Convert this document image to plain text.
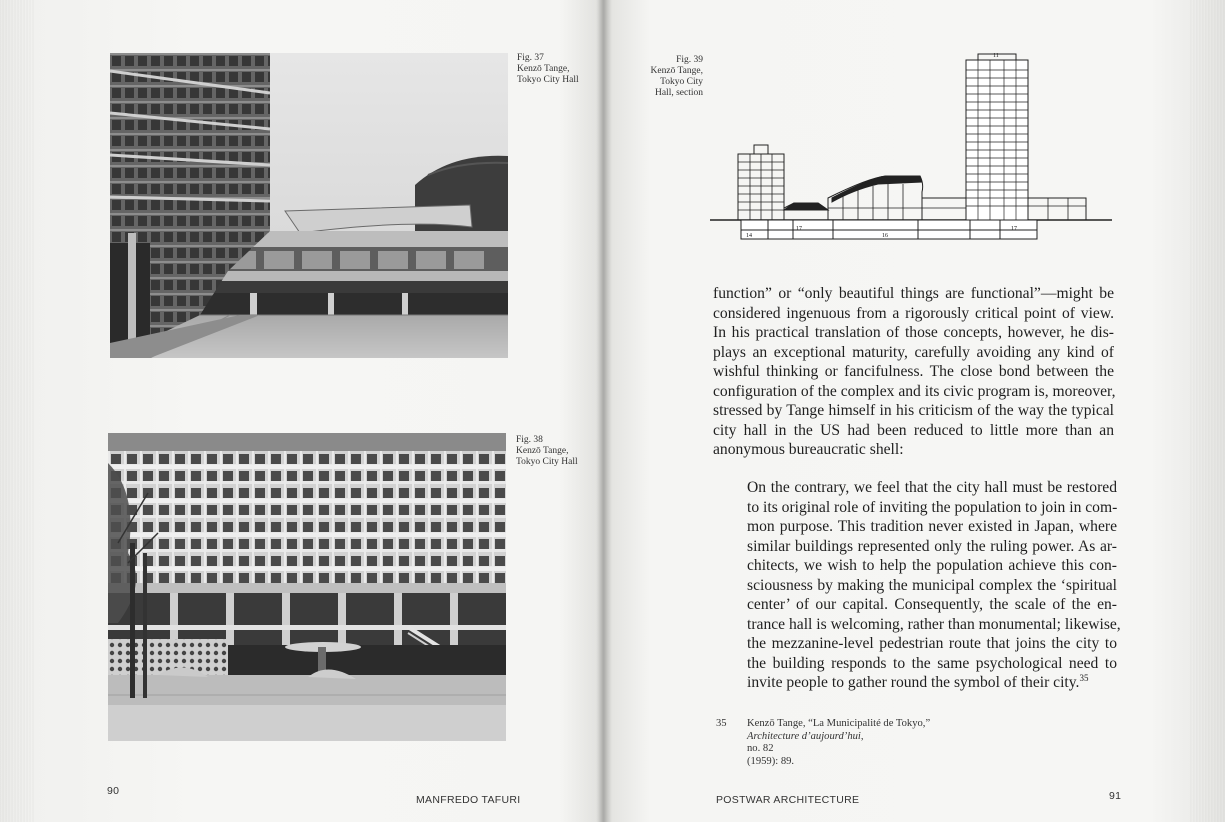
Fig. 37
Kenzō Tange,
Tokyo City Hall
Fig. 38
Kenzō Tange,
Tokyo City Hall
90
MANFREDO TAFURI
Fig. 39
Kenzō Tange,
Tokyo City
Hall, section
11
14
17
16
17
function” or “only beautiful things are functional”—might be
considered ingenuous from a rigorously critical point of view.
In his practical translation of those concepts, however, he dis-
plays an exceptional maturity, carefully avoiding any kind of
wishful thinking or fancifulness. The close bond between the
configuration of the complex and its civic program is, moreover,
stressed by Tange himself in his criticism of the way the typical
city hall in the US had been reduced to little more than an
anonymous bureaucratic shell:
On the contrary, we feel that the city hall must be restored
to its original role of inviting the population to join in com-
mon purpose. This tradition never existed in Japan, where
similar buildings represented only the ruling power. As ar-
chitects, we wish to help the population achieve this con-
sciousness by making the municipal complex the ‘spiritual
center’ of our capital. Consequently, the scale of the en-
trance hall is welcoming, rather than monumental; likewise,
the mezzanine-level pedestrian route that joins the city to
the building responds to the same psychological need to
invite people to gather round the symbol of their city.$^{35}$
35 Kenzō Tange, “La Municipalité de Tokyo,”
Architecture d’aujourd’hui,
no. 82
(1959): 89.
POSTWAR ARCHITECTURE	91
